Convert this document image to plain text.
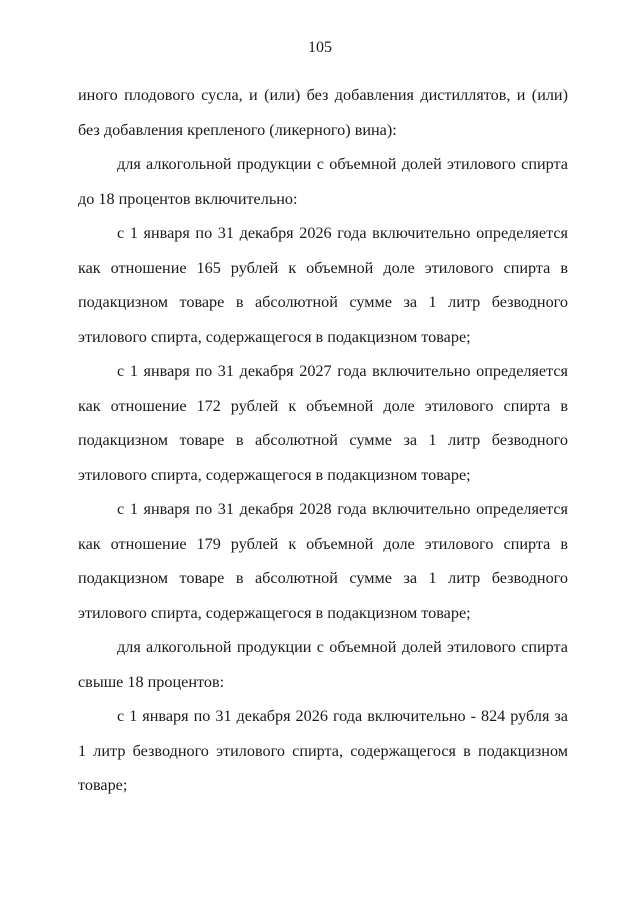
105

иного плодового сусла, и (или) без добавления дистиллятов, и (или) без добавления крепленого (ликерного) вина):

для алкогольной продукции с объемной долей этилового спирта до 18 процентов включительно:

с 1 января по 31 декабря 2026 года включительно определяется как отношение 165 рублей к объемной доле этилового спирта в подакцизном товаре в абсолютной сумме за 1 литр безводного этилового спирта, содержащегося в подакцизном товаре;

с 1 января по 31 декабря 2027 года включительно определяется как отношение 172 рублей к объемной доле этилового спирта в подакцизном товаре в абсолютной сумме за 1 литр безводного этилового спирта, содержащегося в подакцизном товаре;

с 1 января по 31 декабря 2028 года включительно определяется как отношение 179 рублей к объемной доле этилового спирта в подакцизном товаре в абсолютной сумме за 1 литр безводного этилового спирта, содержащегося в подакцизном товаре;

для алкогольной продукции с объемной долей этилового спирта свыше 18 процентов:

с 1 января по 31 декабря 2026 года включительно - 824 рубля за 1 литр безводного этилового спирта, содержащегося в подакцизном товаре;
